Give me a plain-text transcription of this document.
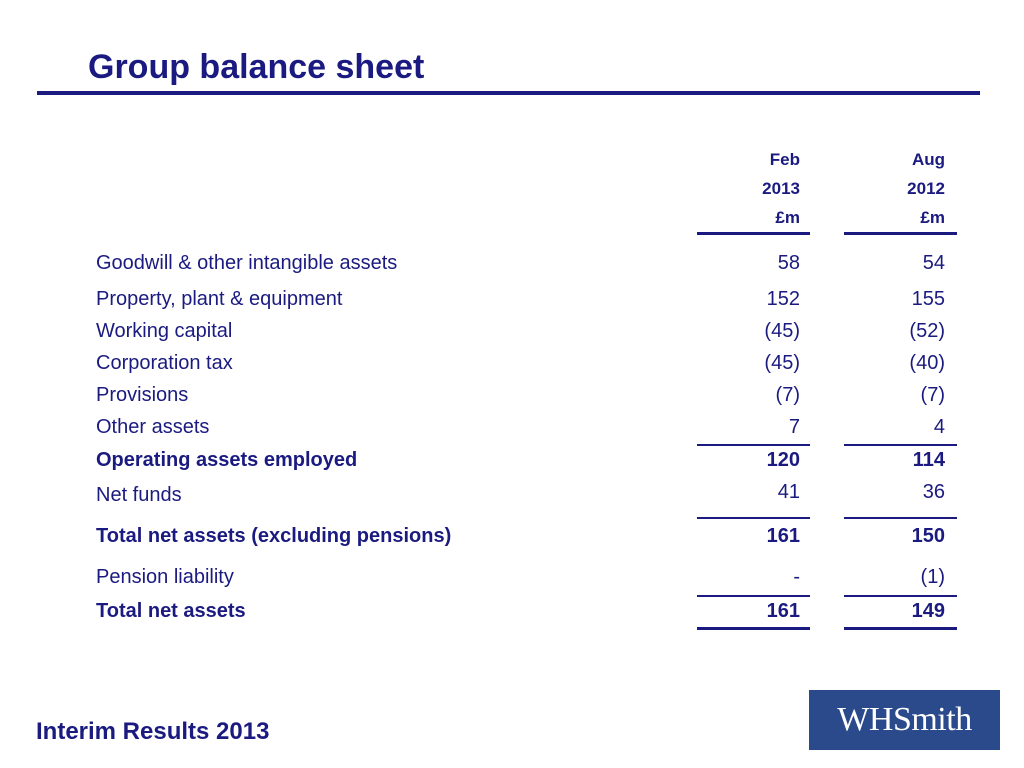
Group balance sheet
Feb
2013
£m
Aug
2012
£m
Goodwill & other intangible assets	58	54
Property, plant & equipment	152	155
Working capital	(45)	(52)
Corporation tax	(45)	(40)
Provisions	(7)	(7)
Other assets	7	4
Operating assets employed	120	114
Net funds	41	36
Total net assets (excluding pensions)	161	150
Pension liability	-	(1)
Total net assets	161	149
Interim Results 2013	WHSmith
